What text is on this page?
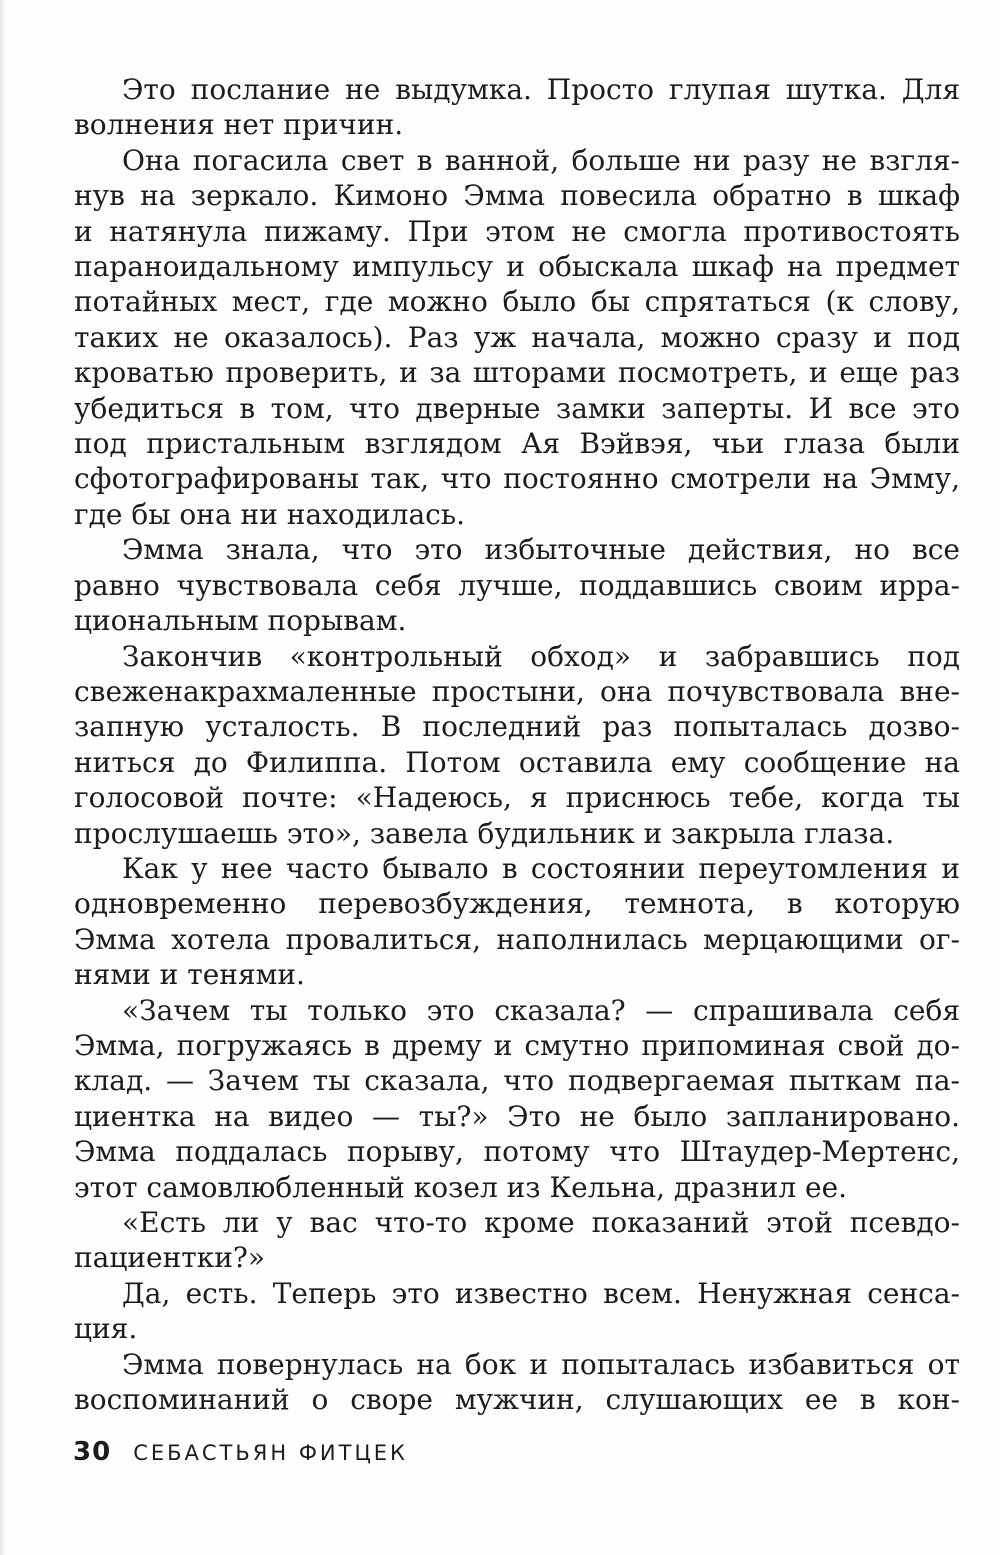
Это послание не выдумка. Просто глупая шутка. Для
волнения нет причин.

Она погасила свет в ванной, больше ни разу не взгля-
нув на зеркало. Кимоно Эмма повесила обратно в шкаф
и натянула пижаму. При этом не смогла противостоять
параноидальному импульсу и обыскала шкаф на предмет
потайных мест, где можно было бы спрятаться (к слову,
таких не оказалось). Раз уж начала, можно сразу и под
кроватью проверить, и за шторами посмотреть, и еще раз
убедиться в том, что дверные замки заперты. И все это
под пристальным взглядом Ая Вэйвэя, чьи глаза были
сфотографированы так, что постоянно смотрели на Эмму,
где бы она ни находилась.

Эмма знала, что это избыточные действия, но все
равно чувствовала себя лучше, поддавшись своим ирра-
циональным порывам.

Закончив «контрольный обход» и забравшись под
свеженакрахмаленные простыни, она почувствовала вне-
запную усталость. В последний раз попыталась дозво-
ниться до Филиппа. Потом оставила ему сообщение на
голосовой почте: «Надеюсь, я приснюсь тебе, когда ты
прослушаешь это», завела будильник и закрыла глаза.

Как у нее часто бывало в состоянии переутомления и
одновременно перевозбуждения, темнота, в которую
Эмма хотела провалиться, наполнилась мерцающими ог-
нями и тенями.

«Зачем ты только это сказала? — спрашивала себя
Эмма, погружаясь в дрему и смутно припоминая свой до-
клад. — Зачем ты сказала, что подвергаемая пыткам па-
циентка на видео — ты?» Это не было запланировано.
Эмма поддалась порыву, потому что Штаудер-Мертенс,
этот самовлюбленный козел из Кельна, дразнил ее.

«Есть ли у вас что-то кроме показаний этой псевдо-
пациентки?»

Да, есть. Теперь это известно всем. Ненужная сенса-
ция.

Эмма повернулась на бок и попыталась избавиться от
воспоминаний о своре мужчин, слушающих ее в кон-

30 СЕБАСТЬЯН ФИТЦЕК
